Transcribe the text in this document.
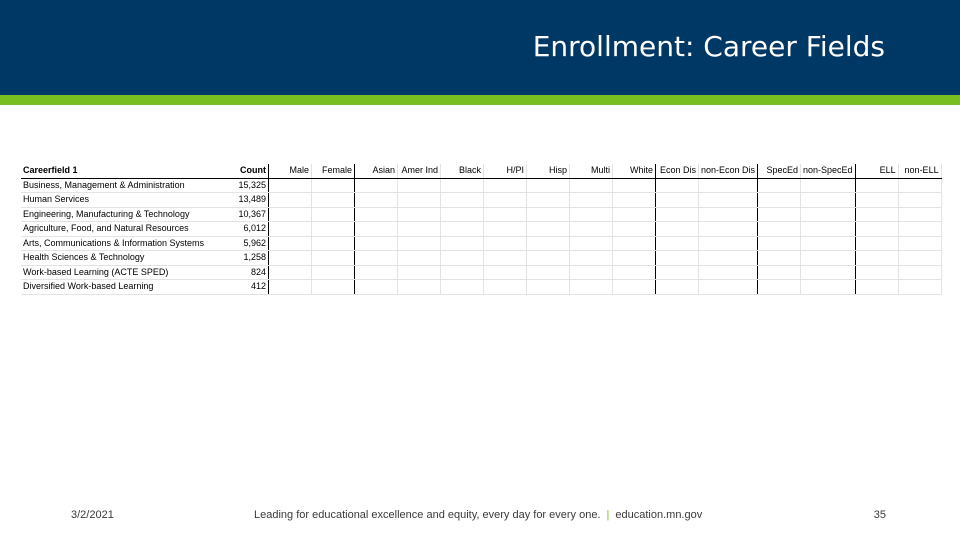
Enrollment: Career Fields
Careerfield 1	Count	Male	Female	Asian	Amer Ind	Black	H/PI	Hisp	Multi	White	Econ Dis	non-Econ Dis	SpecEd	non-SpecEd	ELL	non-ELL
Business, Management & Administration	15,325															
Human Services	13,489															
Engineering, Manufacturing & Technology	10,367															
Agriculture, Food, and Natural Resources	6,012															
Arts, Communications & Information Systems	5,962															
Health Sciences & Technology	1,258															
Work-based Learning (ACTE SPED)	824															
Diversified Work-based Learning	412															
3/2/2021	Leading for educational excellence and equity, every day for every one. | education.mn.gov	35
